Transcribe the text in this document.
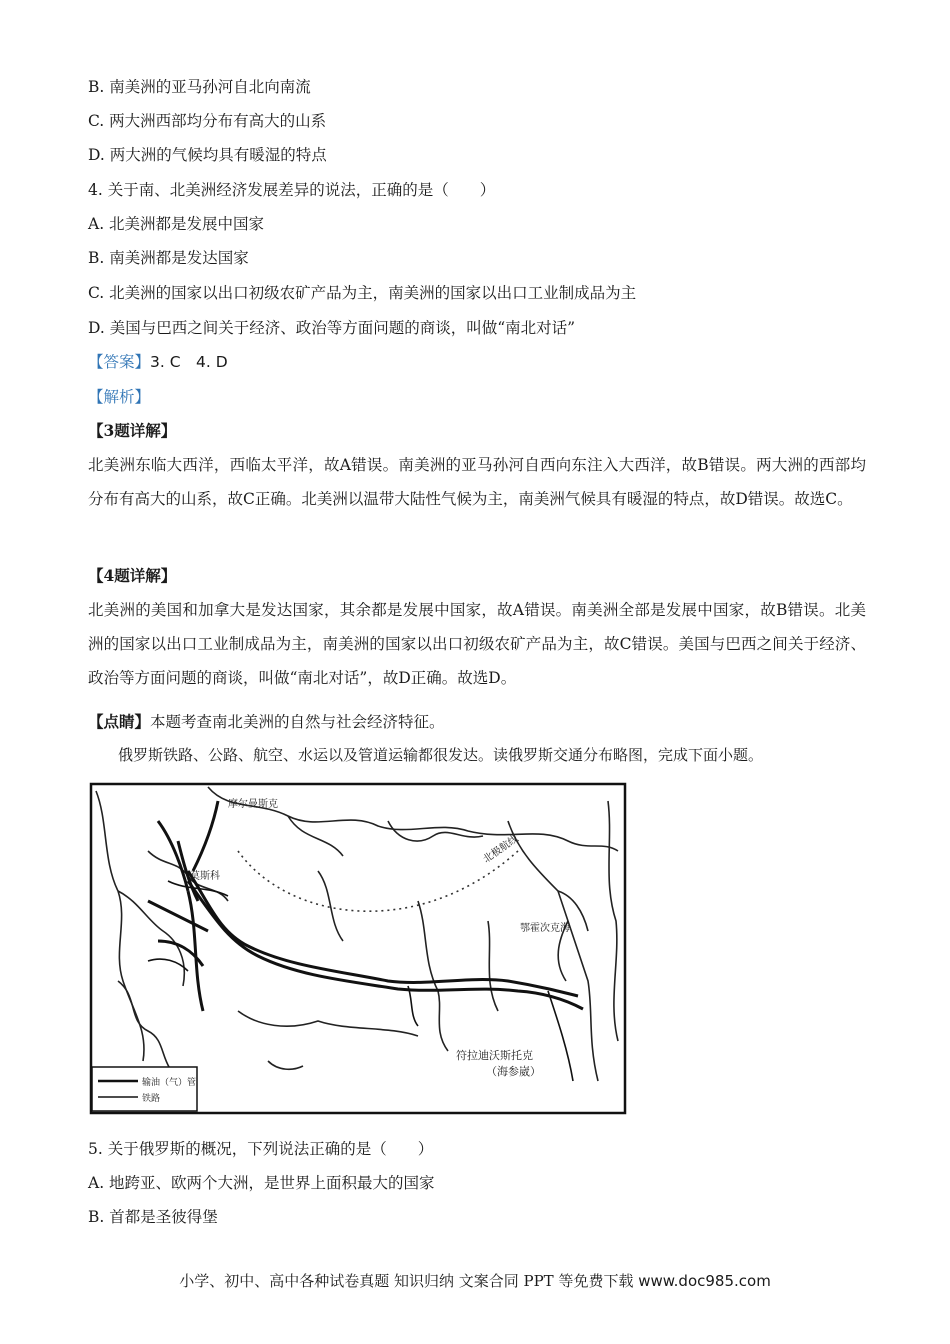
B. 南美洲的亚马孙河自北向南流
C. 两大洲西部均分布有高大的山系
D. 两大洲的气候均具有暖湿的特点
4. 关于南、北美洲经济发展差异的说法，正确的是（　　）
A. 北美洲都是发展中国家
B. 南美洲都是发达国家
C. 北美洲的国家以出口初级农矿产品为主，南美洲的国家以出口工业制成品为主
D. 美国与巴西之间关于经济、政治等方面问题的商谈，叫做“南北对话”
【答案】3. C　4. D
【解析】
【3题详解】
北美洲东临大西洋，西临太平洋，故A错误。南美洲的亚马孙河自西向东注入大西洋，故B错误。两大洲的西部均分布有高大的山系，故C正确。北美洲以温带大陆性气候为主，南美洲气候具有暖湿的特点，故D错误。故选C。
【4题详解】
北美洲的美国和加拿大是发达国家，其余都是发展中国家，故A错误。南美洲全部是发展中国家，故B错误。北美洲的国家以出口工业制成品为主，南美洲的国家以出口初级农矿产品为主，故C错误。美国与巴西之间关于经济、政治等方面问题的商谈，叫做“南北对话”，故D正确。故选D。
【点睛】本题考查南北美洲的自然与社会经济特征。
俄罗斯铁路、公路、航空、水运以及管道运输都很发达。读俄罗斯交通分布略图，完成下面小题。
摩尔曼斯克
莫斯科
北极航线
鄂霍次克海
符拉迪沃斯托克
（海参崴）
输油（气）管
铁路
5. 关于俄罗斯的概况，下列说法正确的是（　　）
A. 地跨亚、欧两个大洲，是世界上面积最大的国家
B. 首都是圣彼得堡
小学、初中、高中各种试卷真题 知识归纳 文案合同 PPT 等免费下载 www.doc985.com
